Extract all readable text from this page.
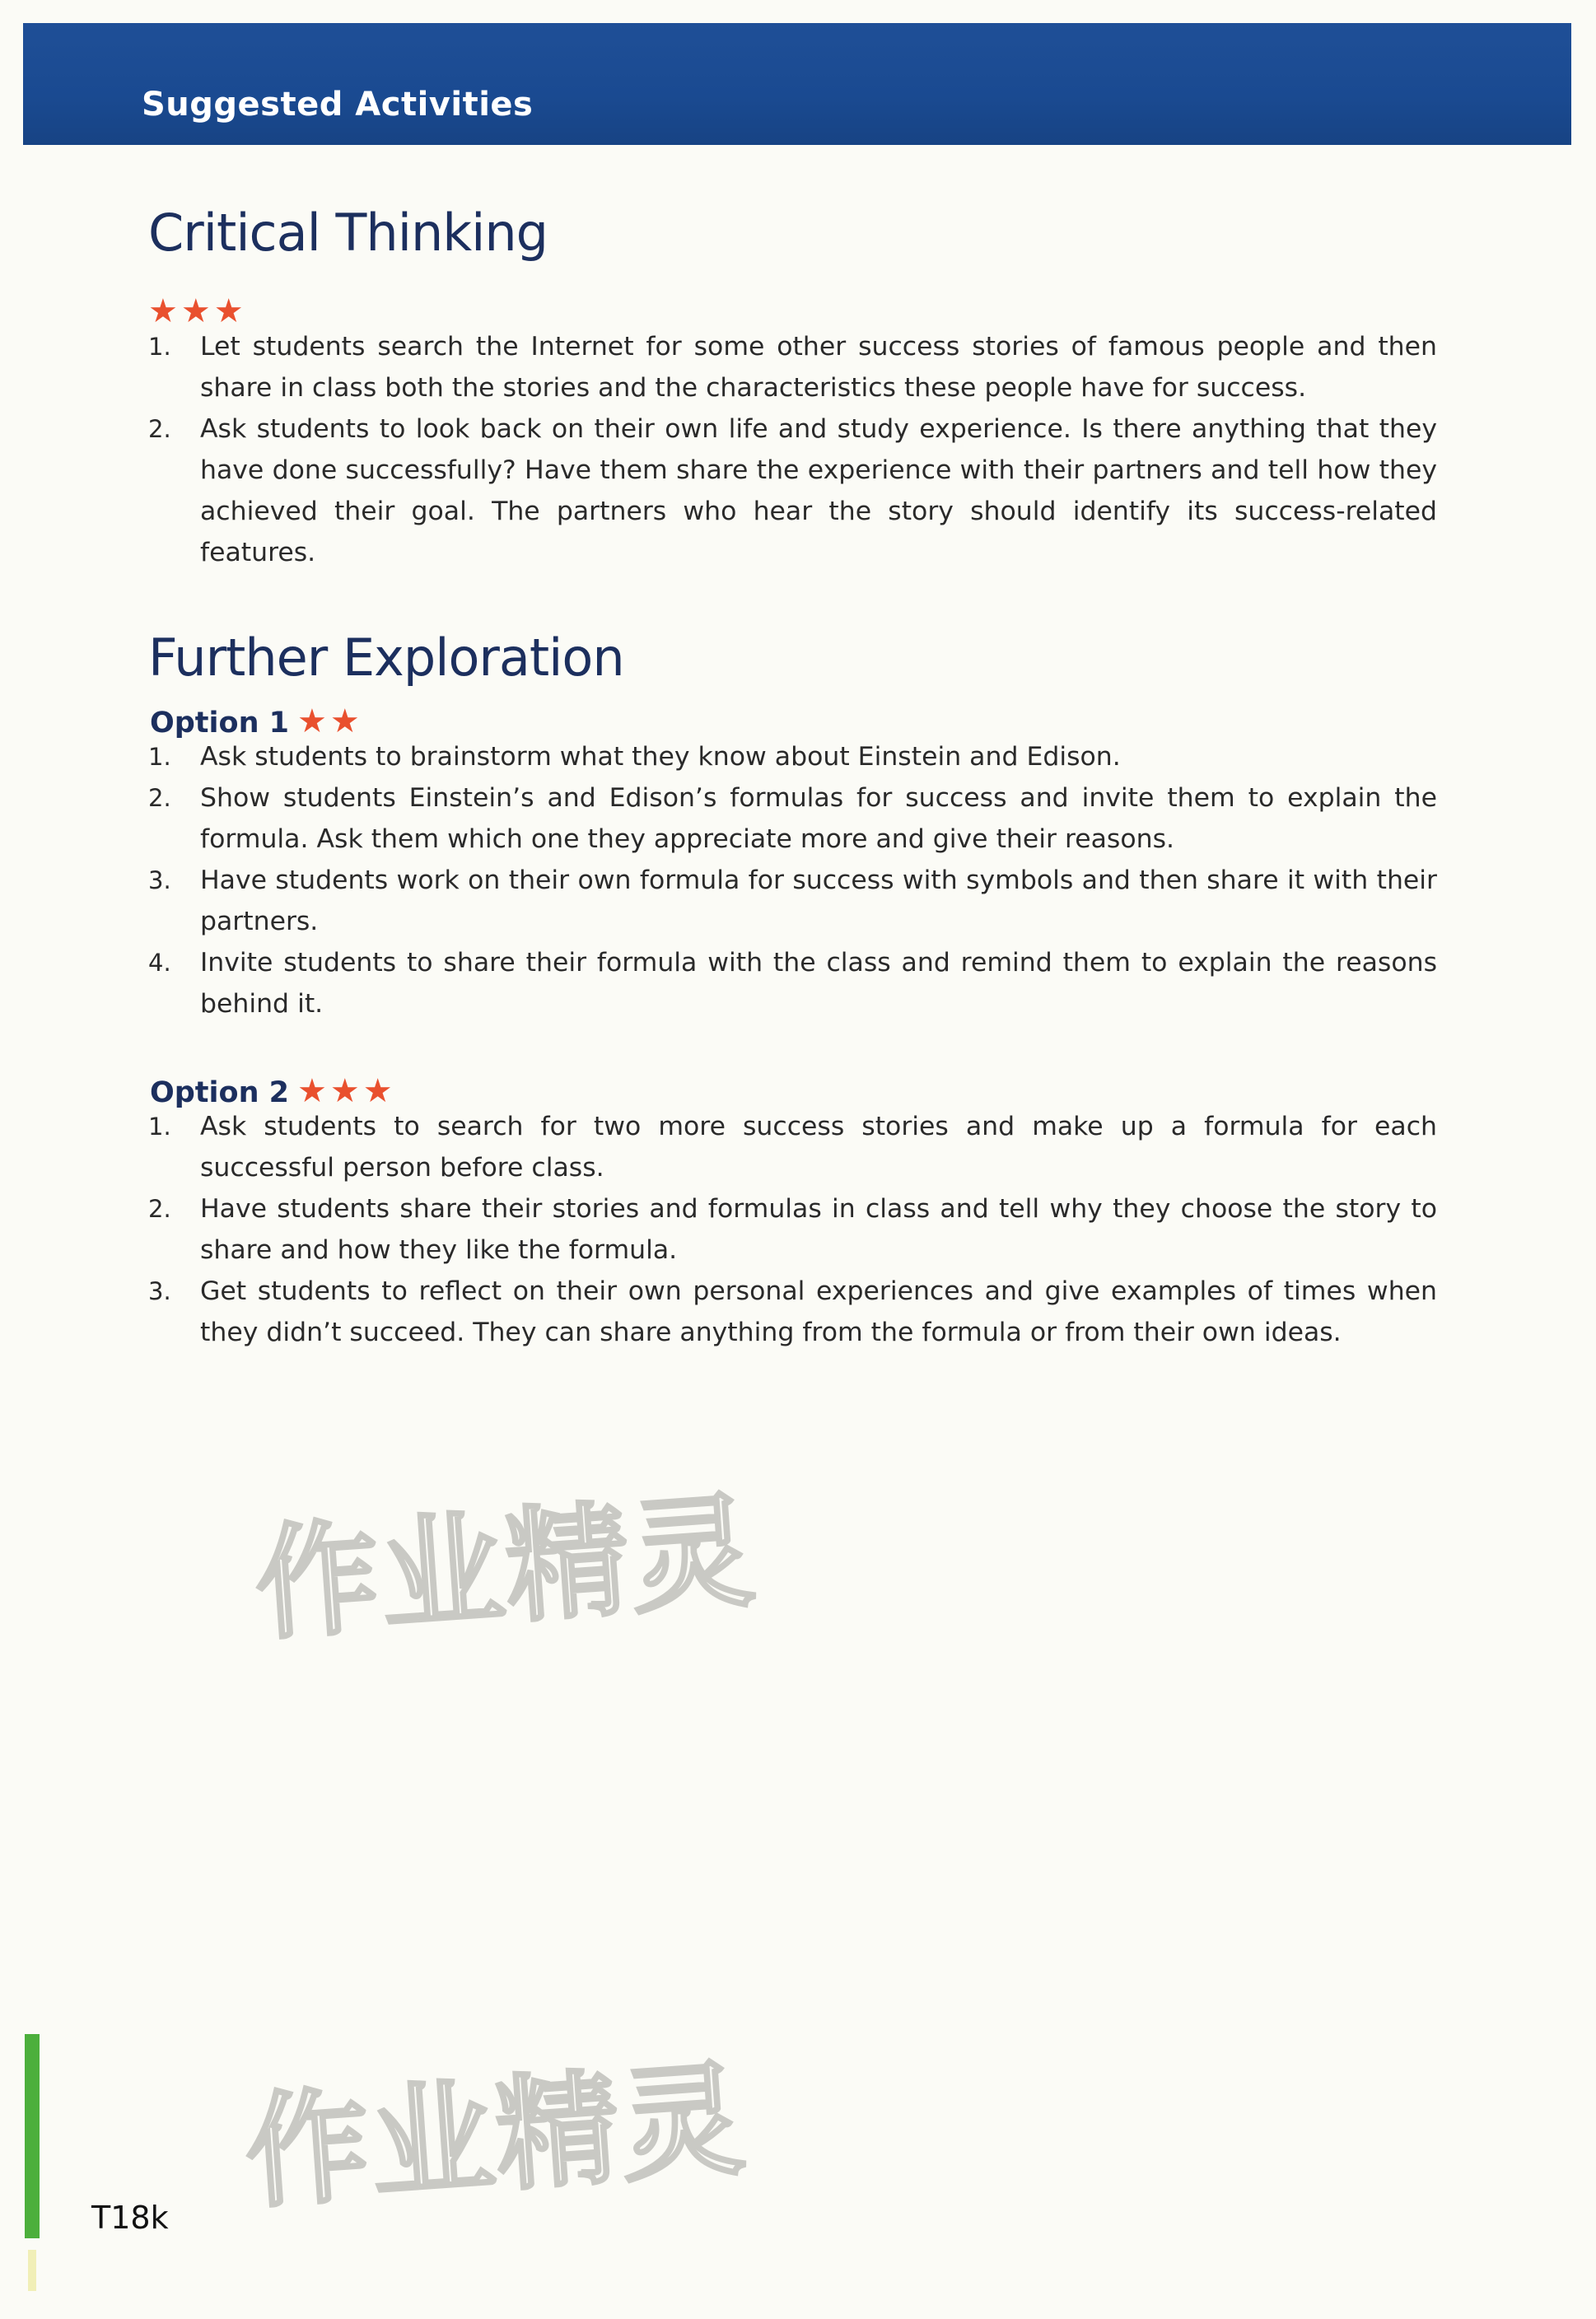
Suggested Activities
Critical Thinking
★★★
1. Let students search the Internet for some other success stories of famous people and then share in class both the stories and the characteristics these people have for success.
2. Ask students to look back on their own life and study experience. Is there anything that they have done successfully? Have them share the experience with their partners and tell how they achieved their goal. The partners who hear the story should identify its success-related features.
Further Exploration
Option 1 ★★
1. Ask students to brainstorm what they know about Einstein and Edison.
2. Show students Einstein’s and Edison’s formulas for success and invite them to explain the formula. Ask them which one they appreciate more and give their reasons.
3. Have students work on their own formula for success with symbols and then share it with their partners.
4. Invite students to share their formula with the class and remind them to explain the reasons behind it.
Option 2 ★★★
1. Ask students to search for two more success stories and make up a formula for each successful person before class.
2. Have students share their stories and formulas in class and tell why they choose the story to share and how they like the formula.
3. Get students to reflect on their own personal experiences and give examples of times when they didn’t succeed. They can share anything from the formula or from their own ideas.
作业精灵
作业精灵
T18k
